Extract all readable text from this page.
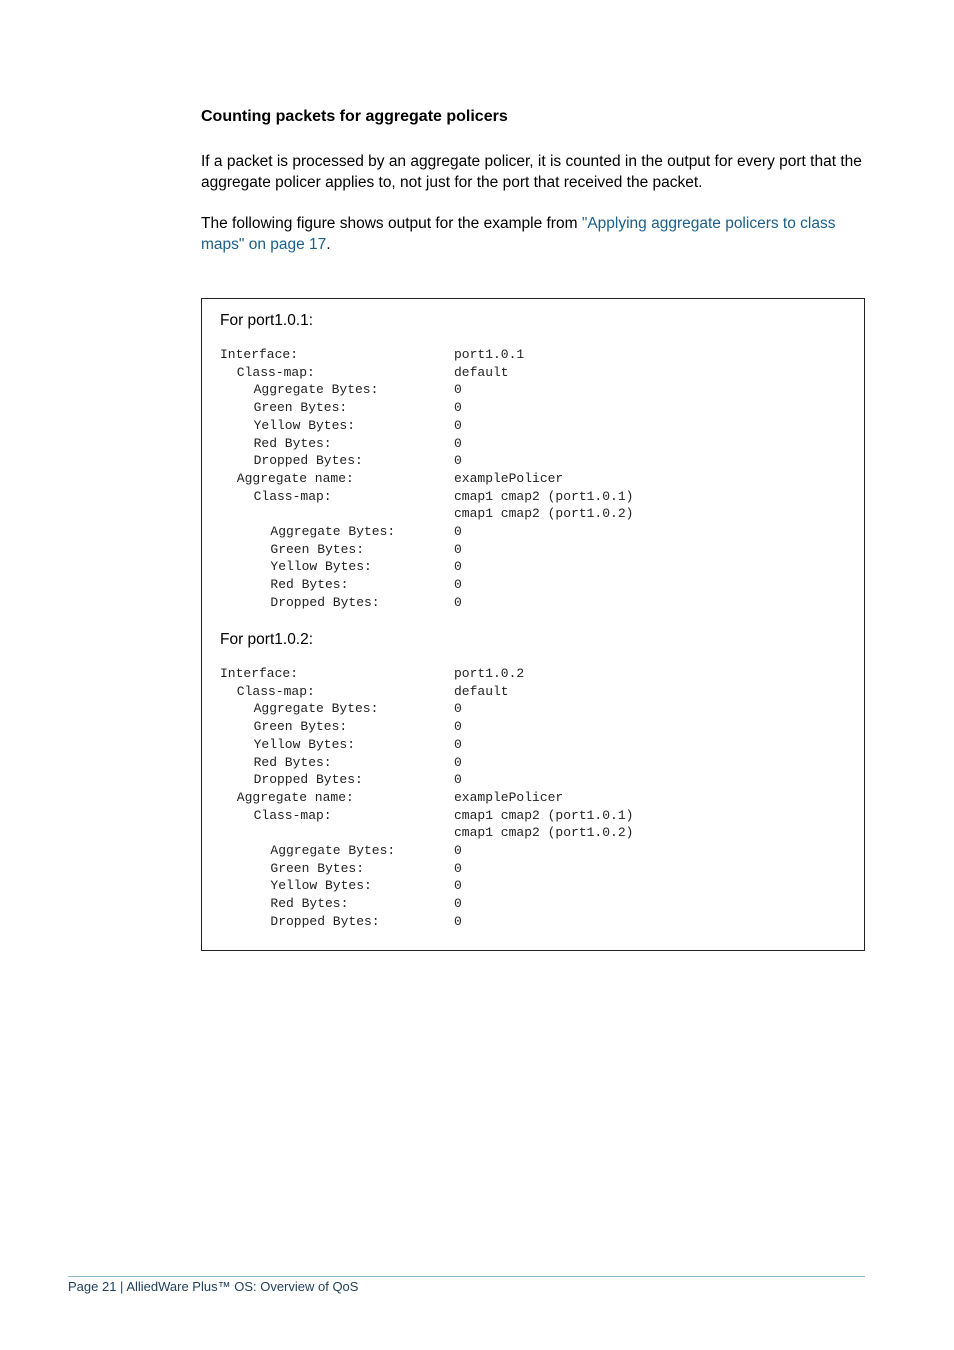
Counting packets for aggregate policers

If a packet is processed by an aggregate policer, it is counted in the output for every port that the aggregate policer applies to, not just for the port that received the packet.

The following figure shows output for the example from "Applying aggregate policers to class maps" on page 17.

For port1.0.1:

Interface:	port1.0.1
Class-map:	default
Aggregate Bytes:	0
Green Bytes:	0
Yellow Bytes:	0
Red Bytes:	0
Dropped Bytes:	0
Aggregate name:	examplePolicer
Class-map:	cmap1 cmap2 (port1.0.1)
cmap1 cmap2 (port1.0.2)
Aggregate Bytes:	0
Green Bytes:	0
Yellow Bytes:	0
Red Bytes:	0
Dropped Bytes:	0

For port1.0.2:

Interface:	port1.0.2
Class-map:	default
Aggregate Bytes:	0
Green Bytes:	0
Yellow Bytes:	0
Red Bytes:	0
Dropped Bytes:	0
Aggregate name:	examplePolicer
Class-map:	cmap1 cmap2 (port1.0.1)
cmap1 cmap2 (port1.0.2)
Aggregate Bytes:	0
Green Bytes:	0
Yellow Bytes:	0
Red Bytes:	0
Dropped Bytes:	0

Page 21 | AlliedWare Plus™ OS: Overview of QoS
